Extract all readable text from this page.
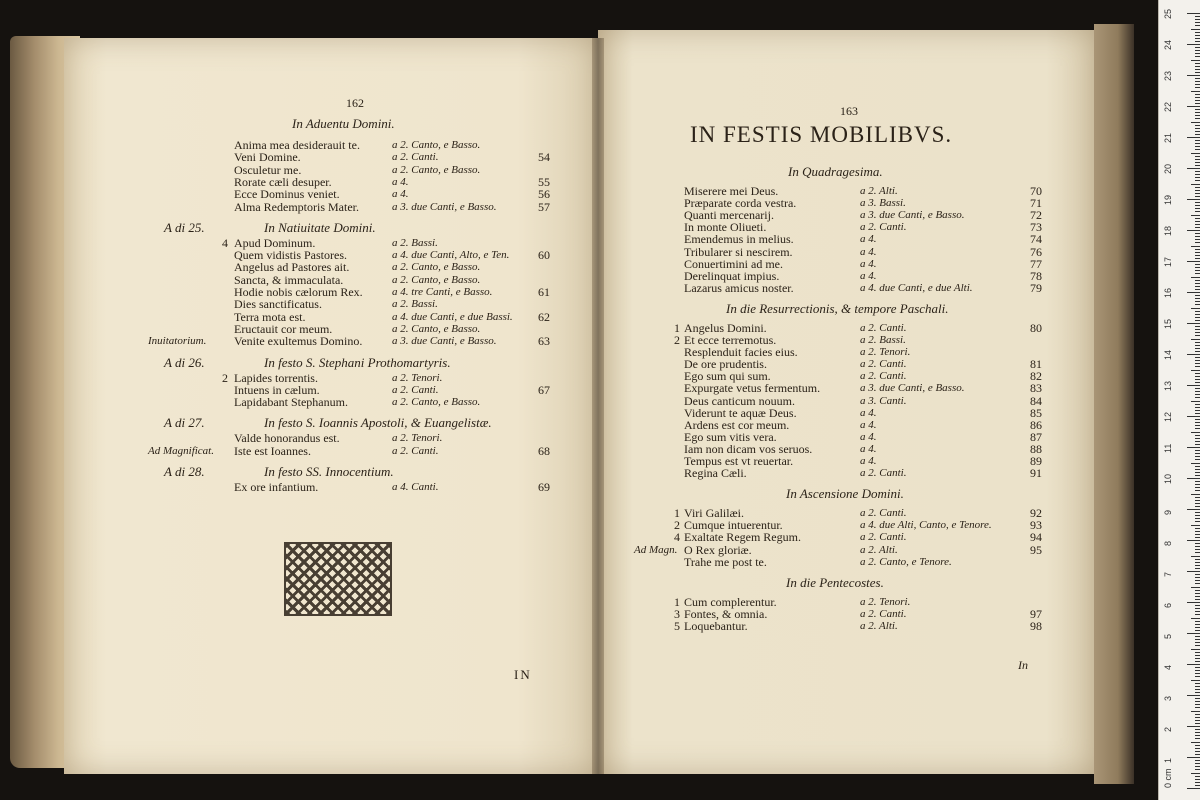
162
In Aduentu Domini.
Anima mea desiderauit te.	a 2. Canto, e Basso.
Veni Domine.	a 2. Canti.	54
Osculetur me.	a 2. Canto, e Basso.
Rorate cæli desuper.	a 4.	55
Ecce Dominus veniet.	a 4.	56
Alma Redemptoris Mater.	a 3. due Canti, e Basso.	57
A di 25.	In Natiuitate Domini.
4 Apud Dominum.	a 2. Bassi.
Quem vidistis Pastores.	a 4. due Canti, Alto, e Ten. 60
Angelus ad Pastores ait.	a 2. Canto, e Basso.
Sancta, & immaculata.	a 2. Canto, e Basso.
Hodie nobis cælorum Rex.	a 4. tre Canti, e Basso.	61
Dies sanctificatus.	a 2. Bassi.
Terra mota est.	a 4. due Canti, e due Bassi. 62
Eructauit cor meum.	a 2. Canto, e Basso.
Inuitatorium. Venite exultemus Domino.	a 3. due Canti, e Basso.	63
A di 26.	In festo S. Stephani Prothomartyris.
2 Lapides torrentis.	a 2. Tenori.
Intuens in cælum.	a 2. Canti.	67
Lapidabant Stephanum.	a 2. Canto, e Basso.
A di 27.	In festo S. Ioannis Apostoli, & Euangelistæ.
Valde honorandus est.	a 2. Tenori.
Ad Magnificat. Iste est Ioannes.	a 2. Canti.	68
A di 28.	In festo SS. Innocentium.
Ex ore infantium.	a 4. Canti.	69
IN
163
IN FESTIS MOBILIBVS.
In Quadragesima.
Miserere mei Deus.	a 2. Alti.	70
Præparate corda vestra.	a 3. Bassi.	71
Quanti mercenarij.	a 3. due Canti, e Basso.	72
In monte Oliueti.	a 2. Canti.	73
Emendemus in melius.	a 4.	74
Tribularer si nescirem.	a 4.	76
Conuertimini ad me.	a 4.	77
Derelinquat impius.	a 4.	78
Lazarus amicus noster.	a 4. due Canti, e due Alti.	79
In die Resurrectionis, & tempore Paschali.
1 Angelus Domini.	a 2. Canti.	80
2 Et ecce terremotus.	a 2. Bassi.
Resplenduit facies eius.	a 2. Tenori.
De ore prudentis.	a 2. Canti.	81
Ego sum qui sum.	a 2. Canti.	82
Expurgate vetus fermentum.	a 3. due Canti, e Basso.	83
Deus canticum nouum.	a 3. Canti.	84
Viderunt te aquæ Deus.	a 4.	85
Ardens est cor meum.	a 4.	86
Ego sum vitis vera.	a 4.	87
Iam non dicam vos seruos.	a 4.	88
Tempus est vt reuertar.	a 4.	89
Regina Cæli.	a 2. Canti.	91
In Ascensione Domini.
1 Viri Galilæi.	a 2. Canti.	92
2 Cumque intuerentur.	a 4. due Alti, Canto, e Tenore.	93
4 Exaltate Regem Regum.	a 2. Canti.	94
Ad Magn. O Rex gloriæ.	a 2. Alti.	95
Trahe me post te.	a 2. Canto, e Tenore.
In die Pentecostes.
1 Cum complerentur.	a 2. Tenori.
3 Fontes, & omnia.	a 2. Canti.	97
5 Loquebantur.	a 2. Alti.	98
In
0 cm
1
2
3
4
5
6
7
8
9
10
11
12
13
14
15
16
17
18
19
20
21
22
23
24
25
